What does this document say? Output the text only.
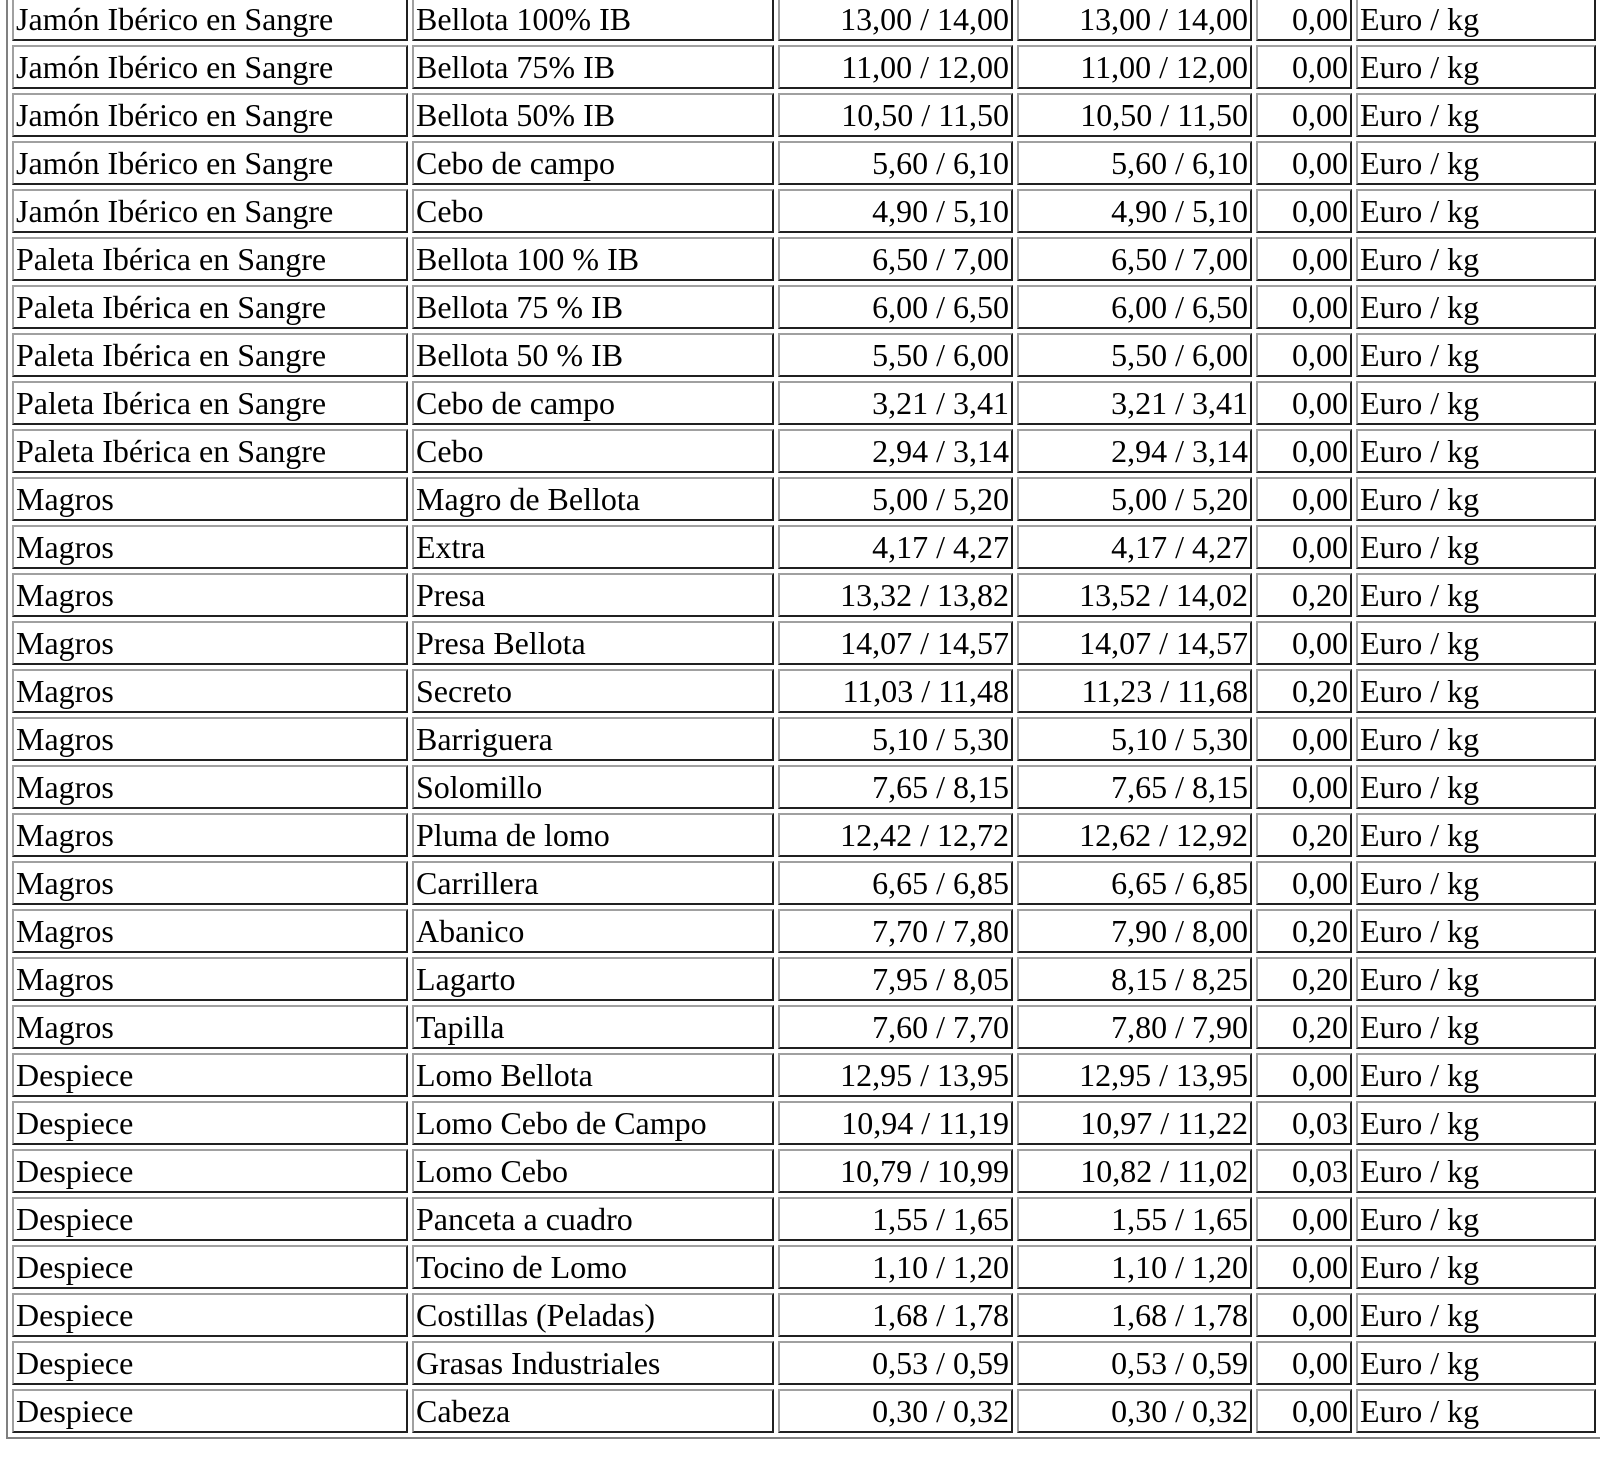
Jamón Ibérico en Sangre	Bellota 100% IB	13,00 / 14,00	13,00 / 14,00	0,00	Euro / kg
Jamón Ibérico en Sangre	Bellota 75% IB	11,00 / 12,00	11,00 / 12,00	0,00	Euro / kg
Jamón Ibérico en Sangre	Bellota 50% IB	10,50 / 11,50	10,50 / 11,50	0,00	Euro / kg
Jamón Ibérico en Sangre	Cebo de campo	5,60 / 6,10	5,60 / 6,10	0,00	Euro / kg
Jamón Ibérico en Sangre	Cebo	4,90 / 5,10	4,90 / 5,10	0,00	Euro / kg
Paleta Ibérica en Sangre	Bellota 100 % IB	6,50 / 7,00	6,50 / 7,00	0,00	Euro / kg
Paleta Ibérica en Sangre	Bellota 75 % IB	6,00 / 6,50	6,00 / 6,50	0,00	Euro / kg
Paleta Ibérica en Sangre	Bellota 50 % IB	5,50 / 6,00	5,50 / 6,00	0,00	Euro / kg
Paleta Ibérica en Sangre	Cebo de campo	3,21 / 3,41	3,21 / 3,41	0,00	Euro / kg
Paleta Ibérica en Sangre	Cebo	2,94 / 3,14	2,94 / 3,14	0,00	Euro / kg
Magros	Magro de Bellota	5,00 / 5,20	5,00 / 5,20	0,00	Euro / kg
Magros	Extra	4,17 / 4,27	4,17 / 4,27	0,00	Euro / kg
Magros	Presa	13,32 / 13,82	13,52 / 14,02	0,20	Euro / kg
Magros	Presa Bellota	14,07 / 14,57	14,07 / 14,57	0,00	Euro / kg
Magros	Secreto	11,03 / 11,48	11,23 / 11,68	0,20	Euro / kg
Magros	Barriguera	5,10 / 5,30	5,10 / 5,30	0,00	Euro / kg
Magros	Solomillo	7,65 / 8,15	7,65 / 8,15	0,00	Euro / kg
Magros	Pluma de lomo	12,42 / 12,72	12,62 / 12,92	0,20	Euro / kg
Magros	Carrillera	6,65 / 6,85	6,65 / 6,85	0,00	Euro / kg
Magros	Abanico	7,70 / 7,80	7,90 / 8,00	0,20	Euro / kg
Magros	Lagarto	7,95 / 8,05	8,15 / 8,25	0,20	Euro / kg
Magros	Tapilla	7,60 / 7,70	7,80 / 7,90	0,20	Euro / kg
Despiece	Lomo Bellota	12,95 / 13,95	12,95 / 13,95	0,00	Euro / kg
Despiece	Lomo Cebo de Campo	10,94 / 11,19	10,97 / 11,22	0,03	Euro / kg
Despiece	Lomo Cebo	10,79 / 10,99	10,82 / 11,02	0,03	Euro / kg
Despiece	Panceta a cuadro	1,55 / 1,65	1,55 / 1,65	0,00	Euro / kg
Despiece	Tocino de Lomo	1,10 / 1,20	1,10 / 1,20	0,00	Euro / kg
Despiece	Costillas (Peladas)	1,68 / 1,78	1,68 / 1,78	0,00	Euro / kg
Despiece	Grasas Industriales	0,53 / 0,59	0,53 / 0,59	0,00	Euro / kg
Despiece	Cabeza	0,30 / 0,32	0,30 / 0,32	0,00	Euro / kg
